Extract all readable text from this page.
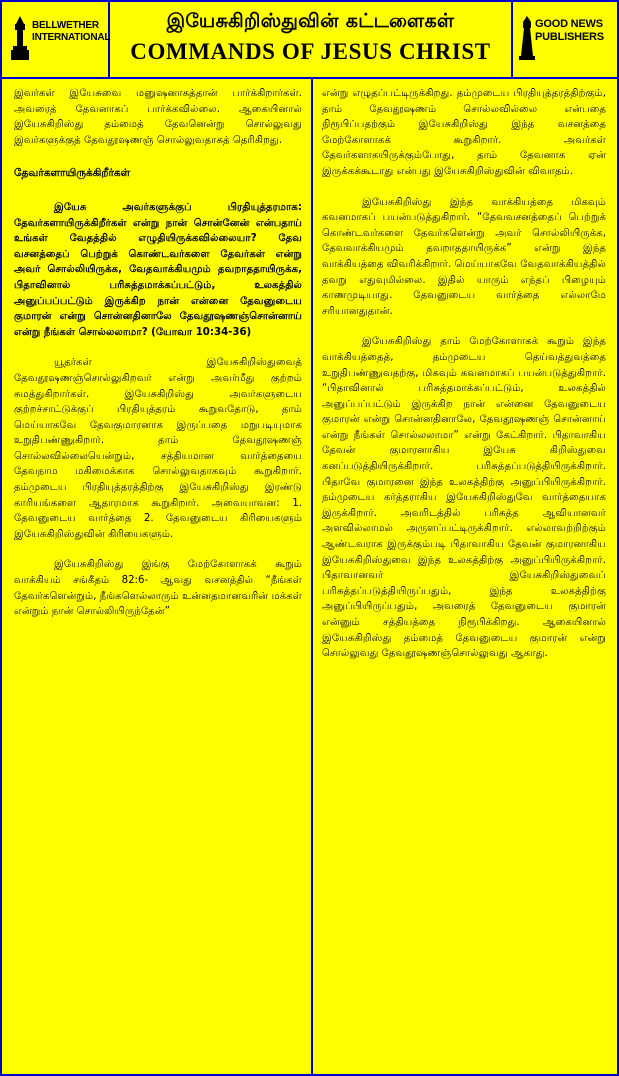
BELLWETHER
INTERNATIONAL
இயேசுகிறிஸ்துவின் கட்டளைகள்
COMMANDS OF JESUS CHRIST
GOOD NEWS
PUBLISHERS

இவர்கள் இயேசுவை மனுஷனாகத்தான் பார்க்கிறார்கள். அவரைத் தேவனாகப் பார்க்கவில்லை. ஆகையினால் இயேசுகிறிஸ்து தம்மைத் தேவனென்று சொல்லுவது இவர்களுக்குத் தேவதூஷணஞ் சொல்லுவதாகத் தெரிகிறது.

தேவர்களாயிருக்கிறீர்கள்

இயேசு அவர்களுக்குப் பிரதியுத்தரமாக: தேவர்களாயிருக்கிறீர்கள் என்று நான் சொன்னேன் என்பதாய் உங்கள் வேதத்தில் எழுதியிருக்கவில்லையா? தேவ வசனத்தைப் பெற்றுக் கொண்டவர்களை தேவர்கள் என்று அவர் சொல்லியிருக்க, வேதவாக்கியமும் தவறாததாயிருக்க, பிதாவினால் பரிசுத்தமாக்கப்பட்டும், உலகத்தில் அனுப்பப்பட்டும் இருக்கிற நான் என்னை தேவனுடைய குமாரன் என்று சொன்னதினாலே தேவதூஷணஞ்சொன்னாய் என்று நீங்கள் சொல்லலாமா? (யோவா 10:34-36)

யூதர்கள் இயேசுகிறிஸ்துவைத் தேவதூஷணஞ்சொல்லுகிறவர் என்று அவர்மீது குற்றம் சுமத்துகிறார்கள். இயேசுகிறிஸ்து அவர்களுடைய குற்றச்சாட்டுக்குப் பிரதியுத்தரம் கூறுவதோடு, தாம் மெய்யாகவே தேவகுமாரனாக இருப்பதை மறுபடியுமாக உறுதிபண்ணுகிறார். தாம் தேவதூஷணஞ் சொல்லவில்லையென்றும், சத்தியமான வார்த்தையை தேவநாம மகிமைக்காக சொல்லுவதாகவும் கூறுகிறார். தம்முடைய பிரதியுத்தரத்திற்கு இயேசுகிறிஸ்து இரண்டு காரியங்களை ஆதாரமாக கூறுகிறார். அவையாவன: 1. தேவனுடைய வார்த்தை 2. தேவனுடைய கிரியைகளும் இயேசுகிறிஸ்துவின் கிரியைகளும்.

இயேசுகிறிஸ்து இங்கு மேற்கோளாகக் கூறும் வாக்கியம் சங்கீதம் 82:6- ஆவது வசனத்தில் “நீங்கள் தேவர்களென்றும், நீங்களெல்லாரும் உன்னதமானவரின் மக்கள் என்றும் நான் சொல்லியிருந்தேன்”

என்று எழுதப்பட்டிருக்கிறது. தம்முடைய பிரதியுத்தரத்திற்கும், தாம் தேவதூஷணம் சொல்லவில்லை என்பதை நிரூபிப்பதற்கும் இயேசுகிறிஸ்து இந்த வசனத்தை மேற்கோளாகக் கூறுகிறார். அவர்கள் தேவர்களாகயிருக்கும்போது, தாம் தேவனாக ஏன் இருக்கக்கூடாது என்பது இயேசுகிறிஸ்துவின் விவாதம்.

இயேசுகிறிஸ்து இந்த வாக்கியத்தை மிகவும் கவனமாகப் பயன்படுத்துகிறார். “தேவவசனத்தைப் பெற்றுக் கொண்டவர்களை தேவர்களென்று அவர் சொல்லியிருக்க, தேவவாக்கியமும் தவறாததாயிருக்க” என்று இந்த வாக்கியத்தை விவரிக்கிறார். மெய்யாகவே வேதவாக்கியத்தில் தவறு எதுவுமில்லை. இதில் யாரும் எந்தப் பிழையும் காணமுடியாது. தேவனுடைய வார்த்தை எல்லாமே சரியானதுதான்.

இயேசுகிறிஸ்து தாம் மேற்கோளாகக் கூறும் இந்த வாக்கியத்தைத், தம்முடைய தெய்வத்துவத்தை உறுதிபண்ணுவதற்கு, மிகவும் கவனமாகப் பயன்படுத்துகிறார். “பிதாவினால் பரிசுத்தமாக்கப்பட்டும், உலகத்தில் அனுப்பப்பட்டும் இருக்கிற நான் என்னை தேவனுடைய குமாரன் என்று சொன்னதினாலே, தேவதூஷணஞ் சொன்னாய் என்று நீங்கள் சொல்லலாமா” என்று கேட்கிறார். பிதாவாகிய தேவன் குமாரனாகிய இயேசு கிறிஸ்துவை கனப்படுத்தியிருக்கிறார். பரிசுத்தப்படுத்தியிருக்கிறார். பிதாவே குமாரனை இந்த உலகத்திற்கு அனுப்பியிருக்கிறார். நம்முடைய கர்த்தராகிய இயேசுகிறிஸ்துவே வார்த்தையாக இருக்கிறார். அவரிடத்தில் பரிசுத்த ஆவியானவர் அளவில்லாமல் அருளப்பட்டிருக்கிறார். எல்லாவற்றிற்கும் ஆண்டவராக இருக்கும்படி பிதாவாகிய தேவன் குமாரனாகிய இயேசுகிறிஸ்துவை இந்த உலகத்திற்கு அனுப்பியிருக்கிறார். பிதாவானவர் இயேசுகிறிஸ்துவைப் பரிசுத்தப்படுத்தியிருப்பதும், இந்த உலகத்திற்கு அனுப்பியிருப்பதும், அவரைத் தேவனுடைய குமாரன் என்னும் சத்தியத்தை நிரூபிக்கிறது. ஆகையினால் இயேசுகிறிஸ்து தம்மைத் தேவனுடைய குமாரன் என்று சொல்லுவது தேவதூஷணஞ்சொல்லுவது ஆகாது.
